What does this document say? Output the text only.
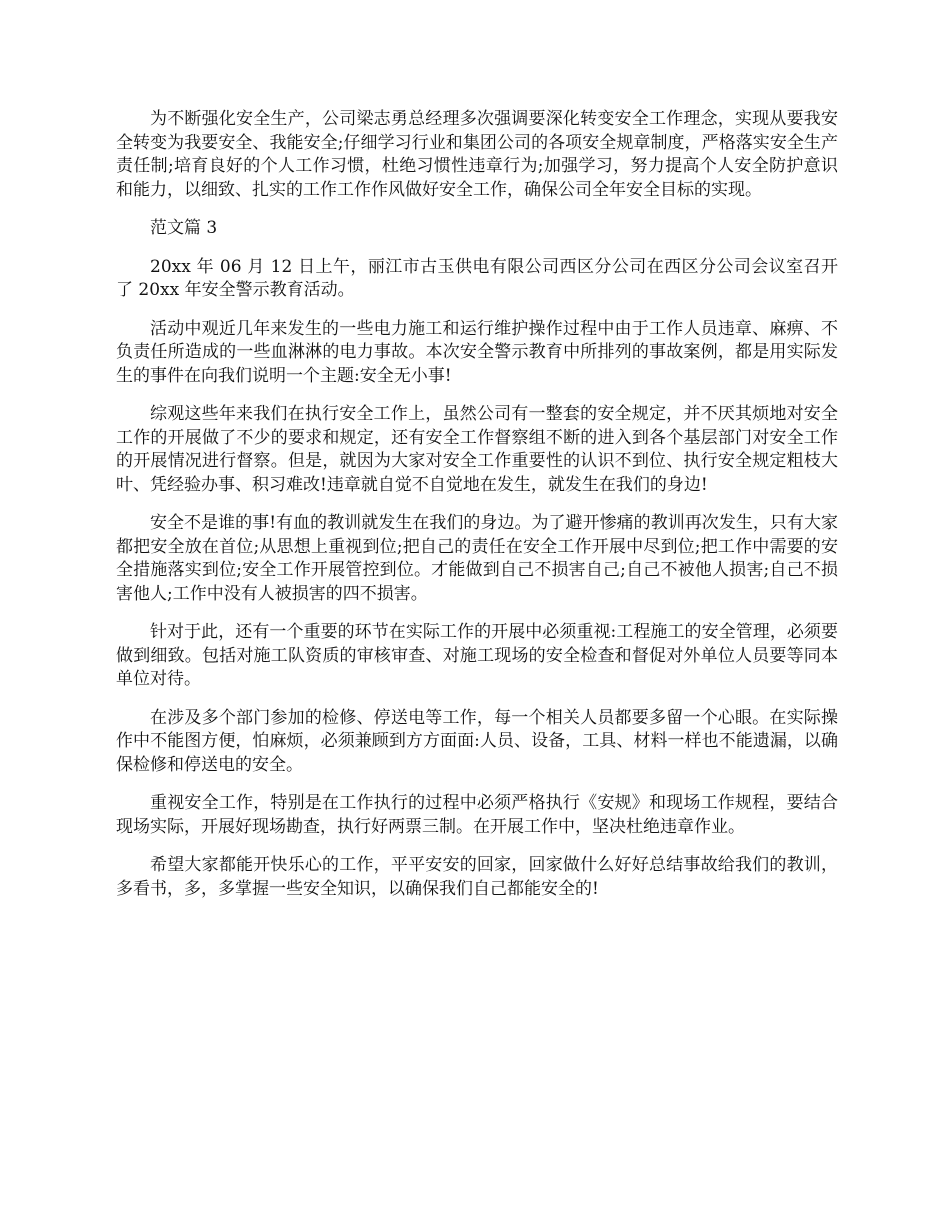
为不断强化安全生产，公司梁志勇总经理多次强调要深化转变安全工作理念，实现从要我安全转变为我要安全、我能安全;仔细学习行业和集团公司的各项安全规章制度，严格落实安全生产责任制;培育良好的个人工作习惯，杜绝习惯性违章行为;加强学习，努力提高个人安全防护意识和能力，以细致、扎实的工作工作作风做好安全工作，确保公司全年安全目标的实现。

范文篇 3

20xx 年 06 月 12 日上午，丽江市古玉供电有限公司西区分公司在西区分公司会议室召开了 20xx 年安全警示教育活动。

活动中观近几年来发生的一些电力施工和运行维护操作过程中由于工作人员违章、麻痹、不负责任所造成的一些血淋淋的电力事故。本次安全警示教育中所排列的事故案例，都是用实际发生的事件在向我们说明一个主题:安全无小事!

综观这些年来我们在执行安全工作上，虽然公司有一整套的安全规定，并不厌其烦地对安全工作的开展做了不少的要求和规定，还有安全工作督察组不断的进入到各个基层部门对安全工作的开展情况进行督察。但是，就因为大家对安全工作重要性的认识不到位、执行安全规定粗枝大叶、凭经验办事、积习难改!违章就自觉不自觉地在发生，就发生在我们的身边!

安全不是谁的事!有血的教训就发生在我们的身边。为了避开惨痛的教训再次发生，只有大家都把安全放在首位;从思想上重视到位;把自己的责任在安全工作开展中尽到位;把工作中需要的安全措施落实到位;安全工作开展管控到位。才能做到自己不损害自己;自己不被他人损害;自己不损害他人;工作中没有人被损害的四不损害。

针对于此，还有一个重要的环节在实际工作的开展中必须重视:工程施工的安全管理，必须要做到细致。包括对施工队资质的审核审查、对施工现场的安全检查和督促对外单位人员要等同本单位对待。

在涉及多个部门参加的检修、停送电等工作，每一个相关人员都要多留一个心眼。在实际操作中不能图方便，怕麻烦，必须兼顾到方方面面:人员、设备，工具、材料一样也不能遗漏，以确保检修和停送电的安全。

重视安全工作，特别是在工作执行的过程中必须严格执行《安规》和现场工作规程，要结合现场实际，开展好现场勘查，执行好两票三制。在开展工作中，坚决杜绝违章作业。

希望大家都能开快乐心的工作，平平安安的回家，回家做什么好好总结事故给我们的教训，多看书，多，多掌握一些安全知识，以确保我们自己都能安全的!
